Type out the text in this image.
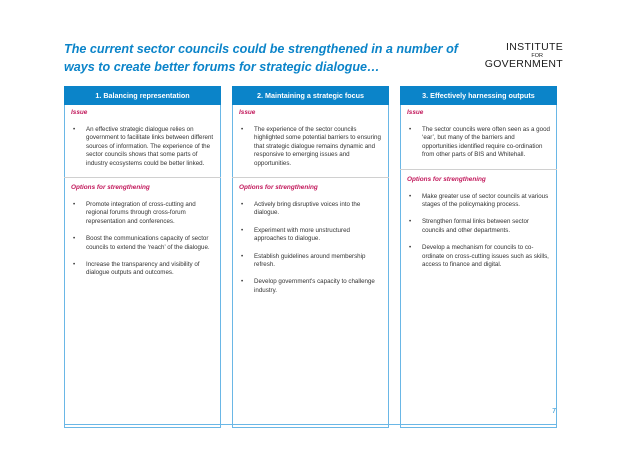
The current sector councils could be strengthened in a number of
ways to create better forums for strategic dialogue…
INSTITUTE
FOR
GOVERNMENT
1. Balancing representation
Issue
• An effective strategic dialogue relies on government to facilitate links between different sources of information. The experience of the sector councils shows that some parts of industry ecosystems could be better linked.
Options for strengthening
• Promote integration of cross-cutting and regional forums through cross-forum representation and conferences.
• Boost the communications capacity of sector councils to extend the ‘reach’ of the dialogue.
• Increase the transparency and visibility of dialogue outputs and outcomes.
2. Maintaining a strategic focus
Issue
• The experience of the sector councils highlighted some potential barriers to ensuring that strategic dialogue remains dynamic and responsive to emerging issues and opportunities.
Options for strengthening
• Actively bring disruptive voices into the dialogue.
• Experiment with more unstructured approaches to dialogue.
• Establish guidelines around membership refresh.
• Develop government's capacity to challenge industry.
3. Effectively harnessing outputs
Issue
• The sector councils were often seen as a good ‘ear’, but many of the barriers and opportunities identified require co-ordination from other parts of BIS and Whitehall.
Options for strengthening
• Make greater use of sector councils at various stages of the policymaking process.
• Strengthen formal links between sector councils and other departments.
• Develop a mechanism for councils to co-ordinate on cross-cutting issues such as skills, access to finance and digital.
7
